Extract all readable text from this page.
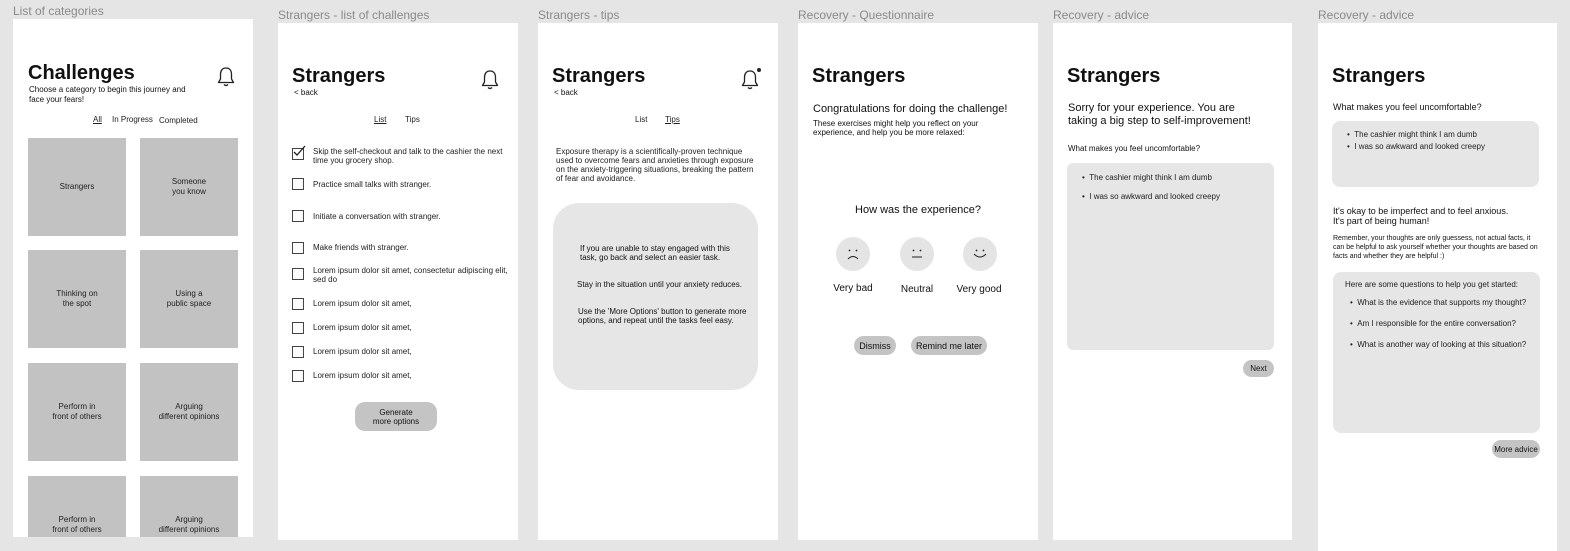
List of categories
Challenges
Choose a category to begin this journey and face your fears!
All In Progress Completed
Strangers
Someone
you know
Thinking on
the spot
Using a
public space
Perform in
front of others
Arguing
different opinions
Perform in
front of others
Arguing
different opinions
Strangers - list of challenges
Strangers
< back
List Tips
Skip the self-checkout and talk to the cashier the next time you grocery shop.
Practice small talks with stranger.
Initiate a conversation with stranger.
Make friends with stranger.
Lorem ipsum dolor sit amet, consectetur adipiscing elit, sed do
Lorem ipsum dolor sit amet,
Lorem ipsum dolor sit amet,
Lorem ipsum dolor sit amet,
Lorem ipsum dolor sit amet,
Generate
more options
Strangers - tips
Strangers
< back
List Tips
Exposure therapy is a scientifically-proven technique used to overcome fears and anxieties through exposure on the anxiety-triggering situations, breaking the pattern of fear and avoidance.
If you are unable to stay engaged with this task, go back and select an easier task.
Stay in the situation until your anxiety reduces.
Use the 'More Options' button to generate more options, and repeat until the tasks feel easy.
Recovery - Questionnaire
Strangers
Congratulations for doing the challenge!
These exercises might help you reflect on your experience, and help you be more relaxed:
How was the experience?
Very bad	Neutral	Very good
Dismiss	Remind me later
Recovery - advice
Strangers
Sorry for your experience. You are taking a big step to self-improvement!
What makes you feel uncomfortable?
•  The cashier might think I am dumb
•  I was so awkward and looked creepy
Next
Recovery - advice
Strangers
What makes you feel uncomfortable?
•  The cashier might think I am dumb
•  I was so awkward and looked creepy
It's okay to be imperfect and to feel anxious.
It's part of being human!
Remember, your thoughts are only guessess, not actual facts, it can be helpful to ask yourself whether your thoughts are based on facts and whether they are helpful :)
Here are some questions to help you get started:
•  What is the evidence that supports my thought?
•  Am I responsible for the entire conversation?
•  What is another way of looking at this situation?
More advice
